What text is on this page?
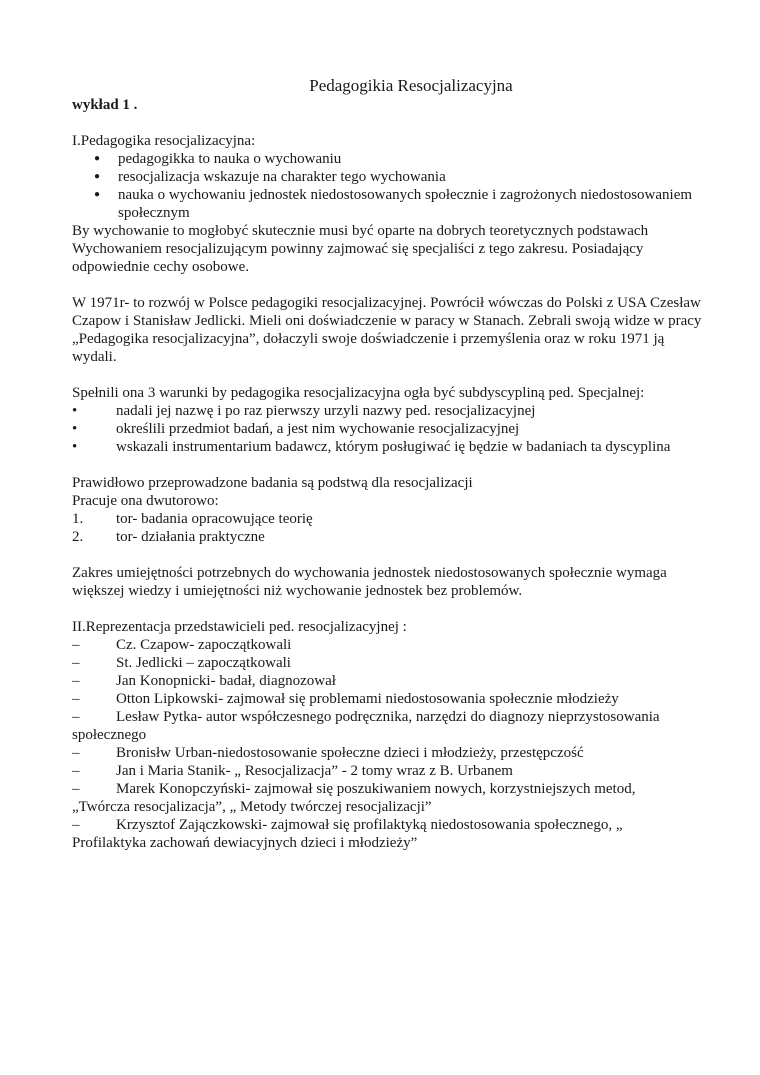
Pedagogikia Resocjalizacyjna

wykład 1 .

I.Pedagogika resocjalizacyjna:

● pedagogikka to nauka o wychowaniu
● resocjalizacja wskazuje na charakter tego wychowania
● nauka o wychowaniu jednostek niedostosowanych społecznie i zagrożonych niedostosowaniem społecznym

By wychowanie to mogłobyć skutecznie musi być oparte na dobrych teoretycznych podstawach

Wychowaniem resocjalizującym powinny zajmować się specjaliści z tego zakresu. Posiadający odpowiednie cechy osobowe.

W 1971r- to rozwój w Polsce pedagogiki resocjalizacyjnej. Powrócił wówczas do Polski z USA Czesław Czapow i Stanisław Jedlicki. Mieli oni doświadczenie w paracy w Stanach. Zebrali swoją widze w pracy „Pedagogika resocjalizacyjna”, dołaczyli swoje doświadczenie i przemyślenia oraz w roku 1971 ją wydali.

Spełnili ona 3 warunki by pedagogika resocjalizacyjna ogła być subdyscypliną ped. Specjalnej:

•	nadali jej nazwę i po raz pierwszy urzyli nazwy ped. resocjalizacyjnej
•	określili przedmiot badań, a jest nim wychowanie resocjalizacyjnej
•	wskazali instrumentarium badawcz, którym posługiwać ię będzie w badaniach ta dyscyplina

Prawidłowo przeprowadzone badania są podstwą dla resocjalizacji

Pracuje ona dwutorowo:

1.	tor- badania opracowujące teorię
2.	tor- działania praktyczne

Zakres umiejętności potrzebnych do wychowania jednostek niedostosowanych społecznie wymaga większej wiedzy i umiejętności niż wychowanie jednostek bez problemów.

II.Reprezentacja przedstawicieli ped. resocjalizacyjnej :

–	Cz. Czapow- zapoczątkowali
–	St. Jedlicki – zapoczątkowali
–	Jan Konopnicki- badał, diagnozował
–	Otton Lipkowski- zajmował się problemami niedostosowania społecznie młodzieży
–	Lesław Pytka- autor współczesnego podręcznika, narzędzi do diagnozy nieprzystosowania
społecznego
–	Bronisłw Urban-niedostosowanie społeczne dzieci i młodzieży, przestępczość
–	Jan i Maria Stanik- „ Resocjalizacja” - 2 tomy wraz z B. Urbanem
–	Marek Konopczyński- zajmował się poszukiwaniem nowych, korzystniejszych metod,
„Twórcza resocjalizacja”, „ Metody twórczej resocjalizacji”
–	Krzysztof Zajączkowski- zajmował się profilaktyką niedostosowania społecznego, „
Profilaktyka zachowań dewiacyjnych dzieci i młodzieży”
